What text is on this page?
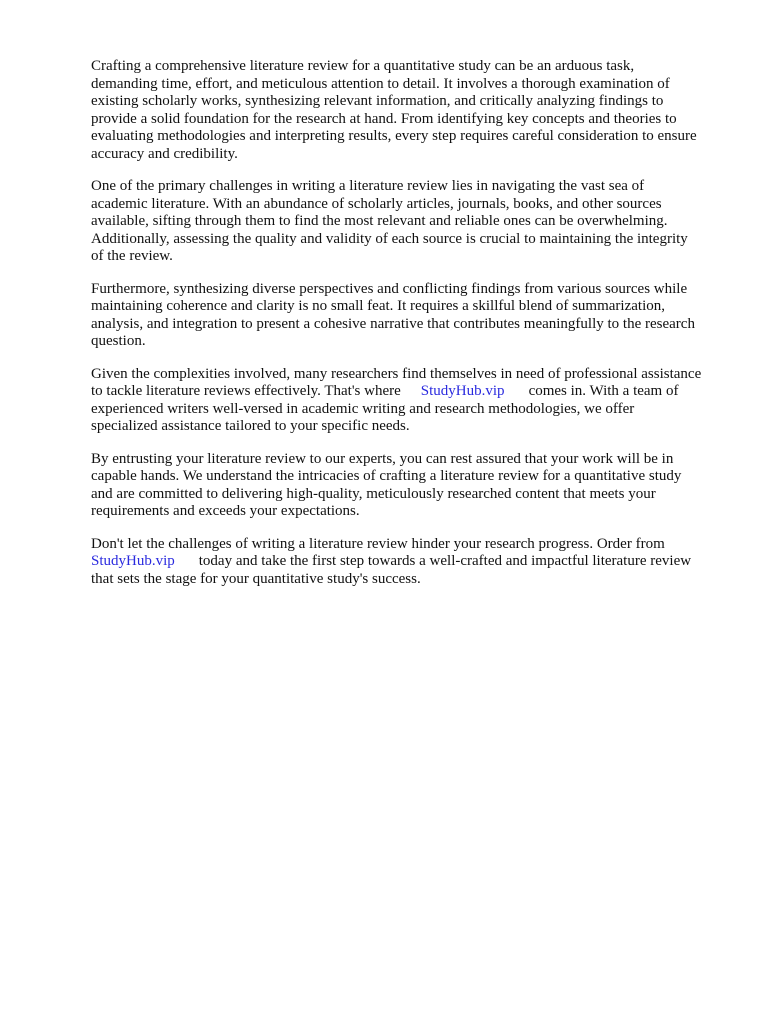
Crafting a comprehensive literature review for a quantitative study can be an arduous task,
demanding time, effort, and meticulous attention to detail. It involves a thorough examination of
existing scholarly works, synthesizing relevant information, and critically analyzing findings to
provide a solid foundation for the research at hand. From identifying key concepts and theories to
evaluating methodologies and interpreting results, every step requires careful consideration to ensure
accuracy and credibility.

One of the primary challenges in writing a literature review lies in navigating the vast sea of
academic literature. With an abundance of scholarly articles, journals, books, and other sources
available, sifting through them to find the most relevant and reliable ones can be overwhelming.
Additionally, assessing the quality and validity of each source is crucial to maintaining the integrity
of the review.

Furthermore, synthesizing diverse perspectives and conflicting findings from various sources while
maintaining coherence and clarity is no small feat. It requires a skillful blend of summarization,
analysis, and integration to present a cohesive narrative that contributes meaningfully to the research
question.

Given the complexities involved, many researchers find themselves in need of professional assistance
to tackle literature reviews effectively. That's where StudyHub.vip comes in. With a team of
experienced writers well-versed in academic writing and research methodologies, we offer
specialized assistance tailored to your specific needs.

By entrusting your literature review to our experts, you can rest assured that your work will be in
capable hands. We understand the intricacies of crafting a literature review for a quantitative study
and are committed to delivering high-quality, meticulously researched content that meets your
requirements and exceeds your expectations.

Don't let the challenges of writing a literature review hinder your research progress. Order from
StudyHub.vip today and take the first step towards a well-crafted and impactful literature review
that sets the stage for your quantitative study's success.
